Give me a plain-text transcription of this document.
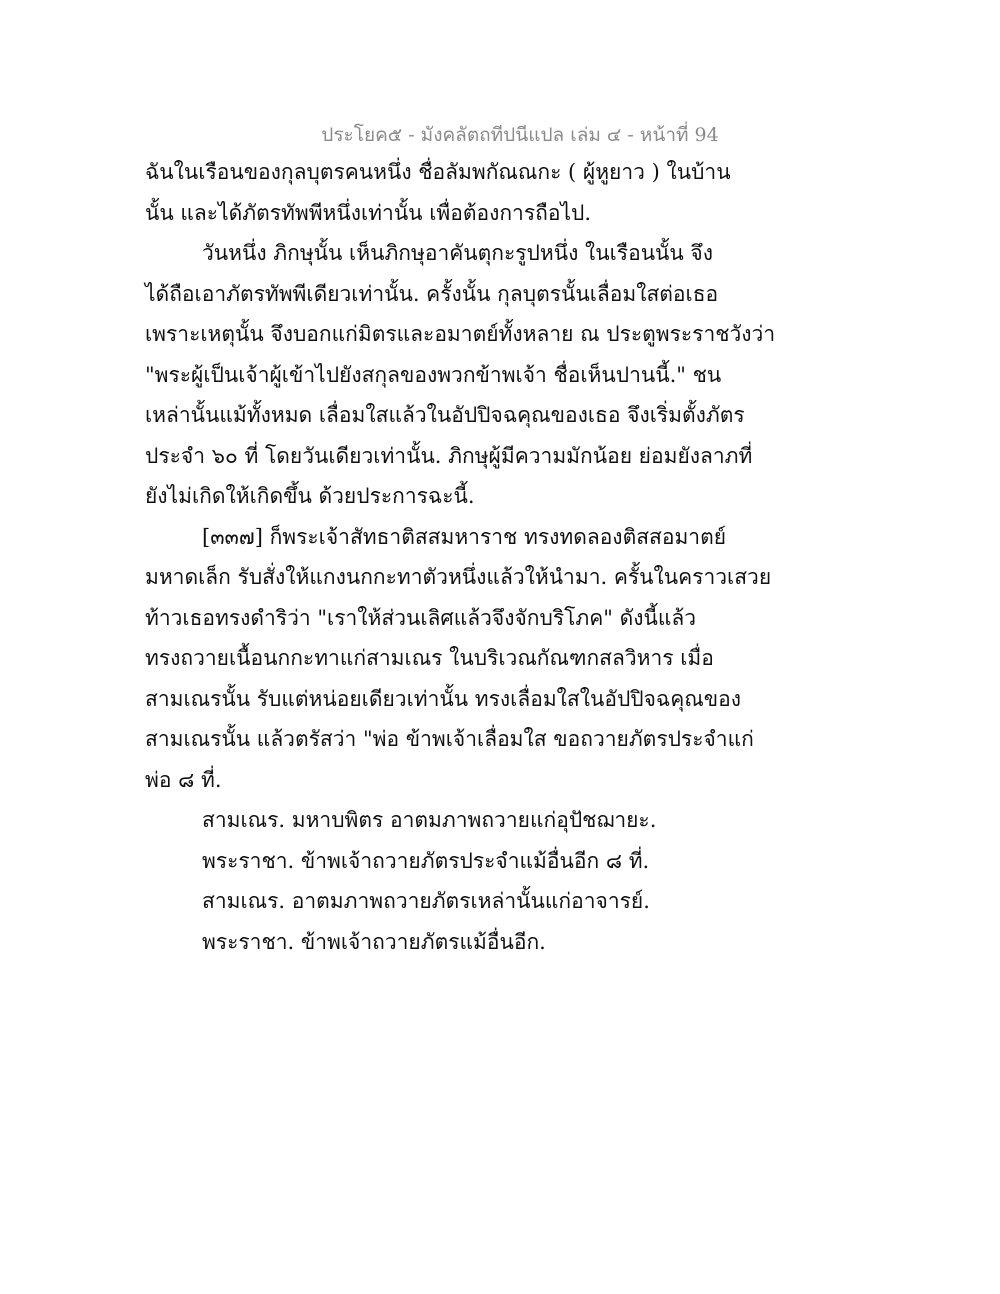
ประโยค๕ - มังคลัตถทีปนีแปล เล่ม ๔ - หน้าที่ 94
ฉันในเรือนของกุลบุตรคนหนึ่ง ชื่อลัมพกัณณกะ ( ผู้หูยาว ) ในบ้าน
นั้น และได้ภัตรทัพพีหนึ่งเท่านั้น เพื่อต้องการถือไป.
วันหนึ่ง ภิกษุนั้น เห็นภิกษุอาคันตุกะรูปหนึ่ง ในเรือนนั้น จึง
ได้ถือเอาภัตรทัพพีเดียวเท่านั้น. ครั้งนั้น กุลบุตรนั้นเลื่อมใสต่อเธอ
เพราะเหตุนั้น จึงบอกแก่มิตรและอมาตย์ทั้งหลาย ณ ประตูพระราชวังว่า
"พระผู้เป็นเจ้าผู้เข้าไปยังสกุลของพวกข้าพเจ้า ชื่อเห็นปานนี้." ชน
เหล่านั้นแม้ทั้งหมด เลื่อมใสแล้วในอัปปิจฉคุณของเธอ จึงเริ่มตั้งภัตร
ประจำ ๖๐ ที่ โดยวันเดียวเท่านั้น. ภิกษุผู้มีความมักน้อย ย่อมยังลาภที่
ยังไม่เกิดให้เกิดขึ้น ด้วยประการฉะนี้.
[๓๓๗] ก็พระเจ้าสัทธาติสสมหาราช ทรงทดลองติสสอมาตย์
มหาดเล็ก รับสั่งให้แกงนกกะทาตัวหนึ่งแล้วให้นำมา. ครั้นในคราวเสวย
ท้าวเธอทรงดำริว่า "เราให้ส่วนเลิศแล้วจึงจักบริโภค" ดังนี้แล้ว
ทรงถวายเนื้อนกกะทาแก่สามเณร ในบริเวณกัณฑกสลวิหาร เมื่อ
สามเณรนั้น รับแต่หน่อยเดียวเท่านั้น ทรงเลื่อมใสในอัปปิจฉคุณของ
สามเณรนั้น แล้วตรัสว่า "พ่อ ข้าพเจ้าเลื่อมใส ขอถวายภัตรประจำแก่
พ่อ ๘ ที่.
สามเณร. มหาบพิตร อาตมภาพถวายแก่อุปัชฌายะ.
พระราชา. ข้าพเจ้าถวายภัตรประจำแม้อื่นอีก ๘ ที่.
สามเณร. อาตมภาพถวายภัตรเหล่านั้นแก่อาจารย์.
พระราชา. ข้าพเจ้าถวายภัตรแม้อื่นอีก.
